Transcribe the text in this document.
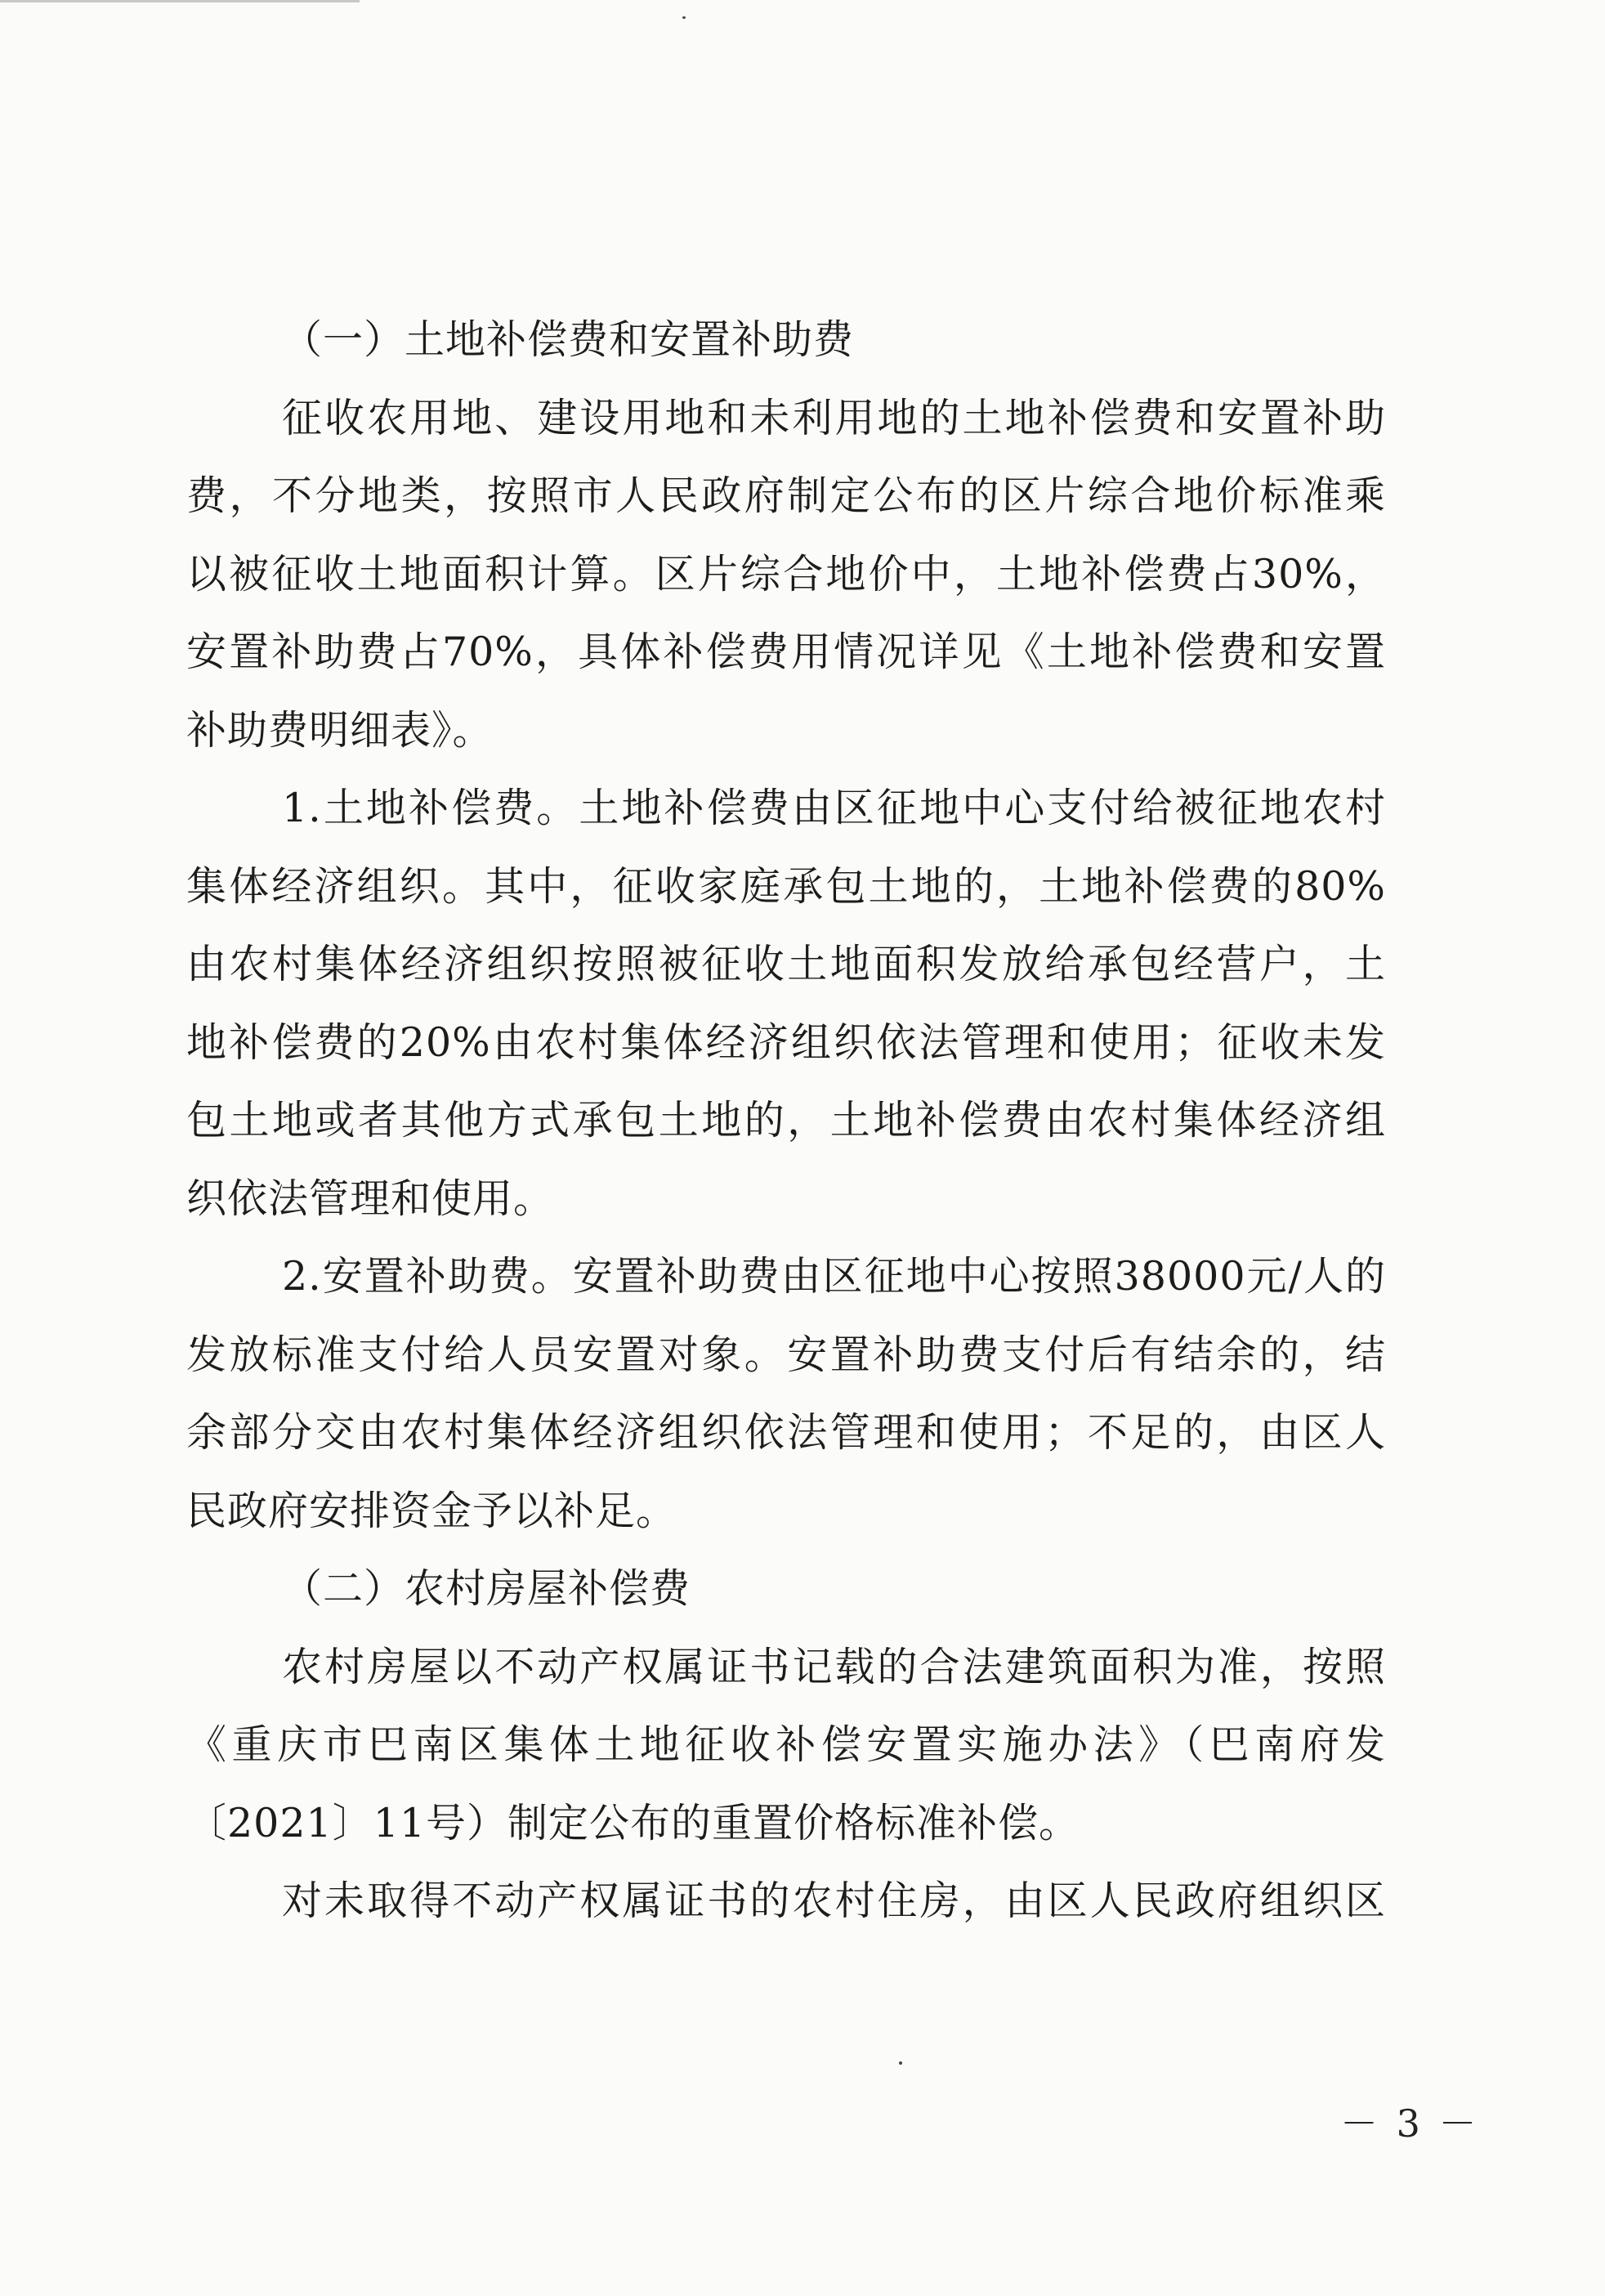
（一）土地补偿费和安置补助费
征收农用地、建设用地和未利用地的土地补偿费和安置补助
费，不分地类，按照市人民政府制定公布的区片综合地价标准乘
以被征收土地面积计算。区片综合地价中，土地补偿费占30%，
安置补助费占70%，具体补偿费用情况详见《土地补偿费和安置
补助费明细表》。
1.土地补偿费。土地补偿费由区征地中心支付给被征地农村
集体经济组织。其中，征收家庭承包土地的，土地补偿费的80%
由农村集体经济组织按照被征收土地面积发放给承包经营户，土
地补偿费的20%由农村集体经济组织依法管理和使用；征收未发
包土地或者其他方式承包土地的，土地补偿费由农村集体经济组
织依法管理和使用。
2.安置补助费。安置补助费由区征地中心按照38000元/人的
发放标准支付给人员安置对象。安置补助费支付后有结余的，结
余部分交由农村集体经济组织依法管理和使用；不足的，由区人
民政府安排资金予以补足。
（二）农村房屋补偿费
农村房屋以不动产权属证书记载的合法建筑面积为准，按照
《重庆市巴南区集体土地征收补偿安置实施办法》（巴南府发
〔2021〕11号）制定公布的重置价格标准补偿。
对未取得不动产权属证书的农村住房，由区人民政府组织区
－ 3 －
